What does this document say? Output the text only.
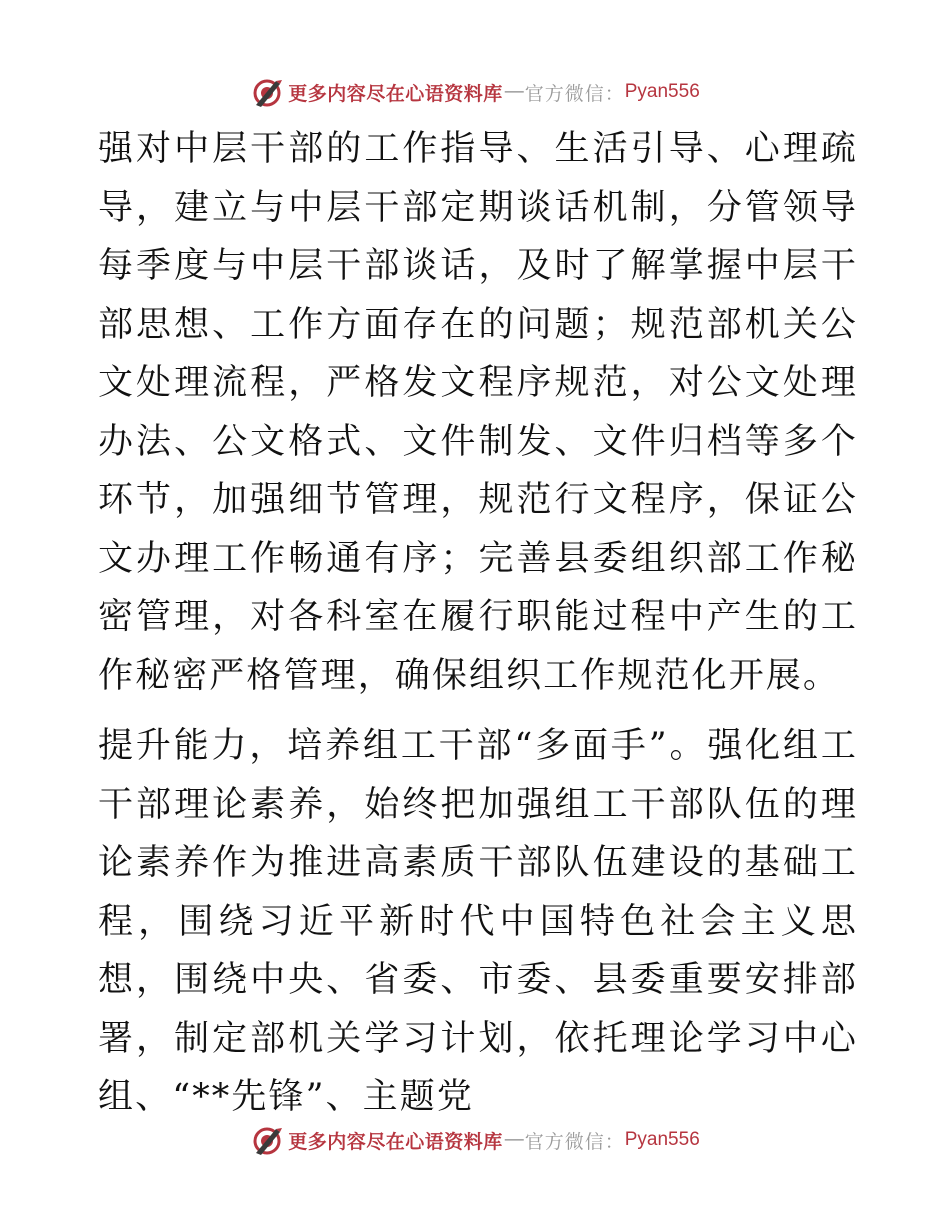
更多内容尽在心语资料库 — 官方微信： Pyan556

强对中层干部的工作指导、生活引导、心理疏导，建立与中层干部定期谈话机制，分管领导每季度与中层干部谈话，及时了解掌握中层干部思想、工作方面存在的问题；规范部机关公文处理流程，严格发文程序规范，对公文处理办法、公文格式、文件制发、文件归档等多个环节，加强细节管理，规范行文程序，保证公文办理工作畅通有序；完善县委组织部工作秘密管理，对各科室在履行职能过程中产生的工作秘密严格管理，确保组织工作规范化开展。

提升能力，培养组工干部“多面手”。强化组工干部理论素养，始终把加强组工干部队伍的理论素养作为推进高素质干部队伍建设的基础工程，围绕习近平新时代中国特色社会主义思想，围绕中央、省委、市委、县委重要安排部署，制定部机关学习计划，依托理论学习中心组、“**先锋”、主题党

更多内容尽在心语资料库 — 官方微信： Pyan556
